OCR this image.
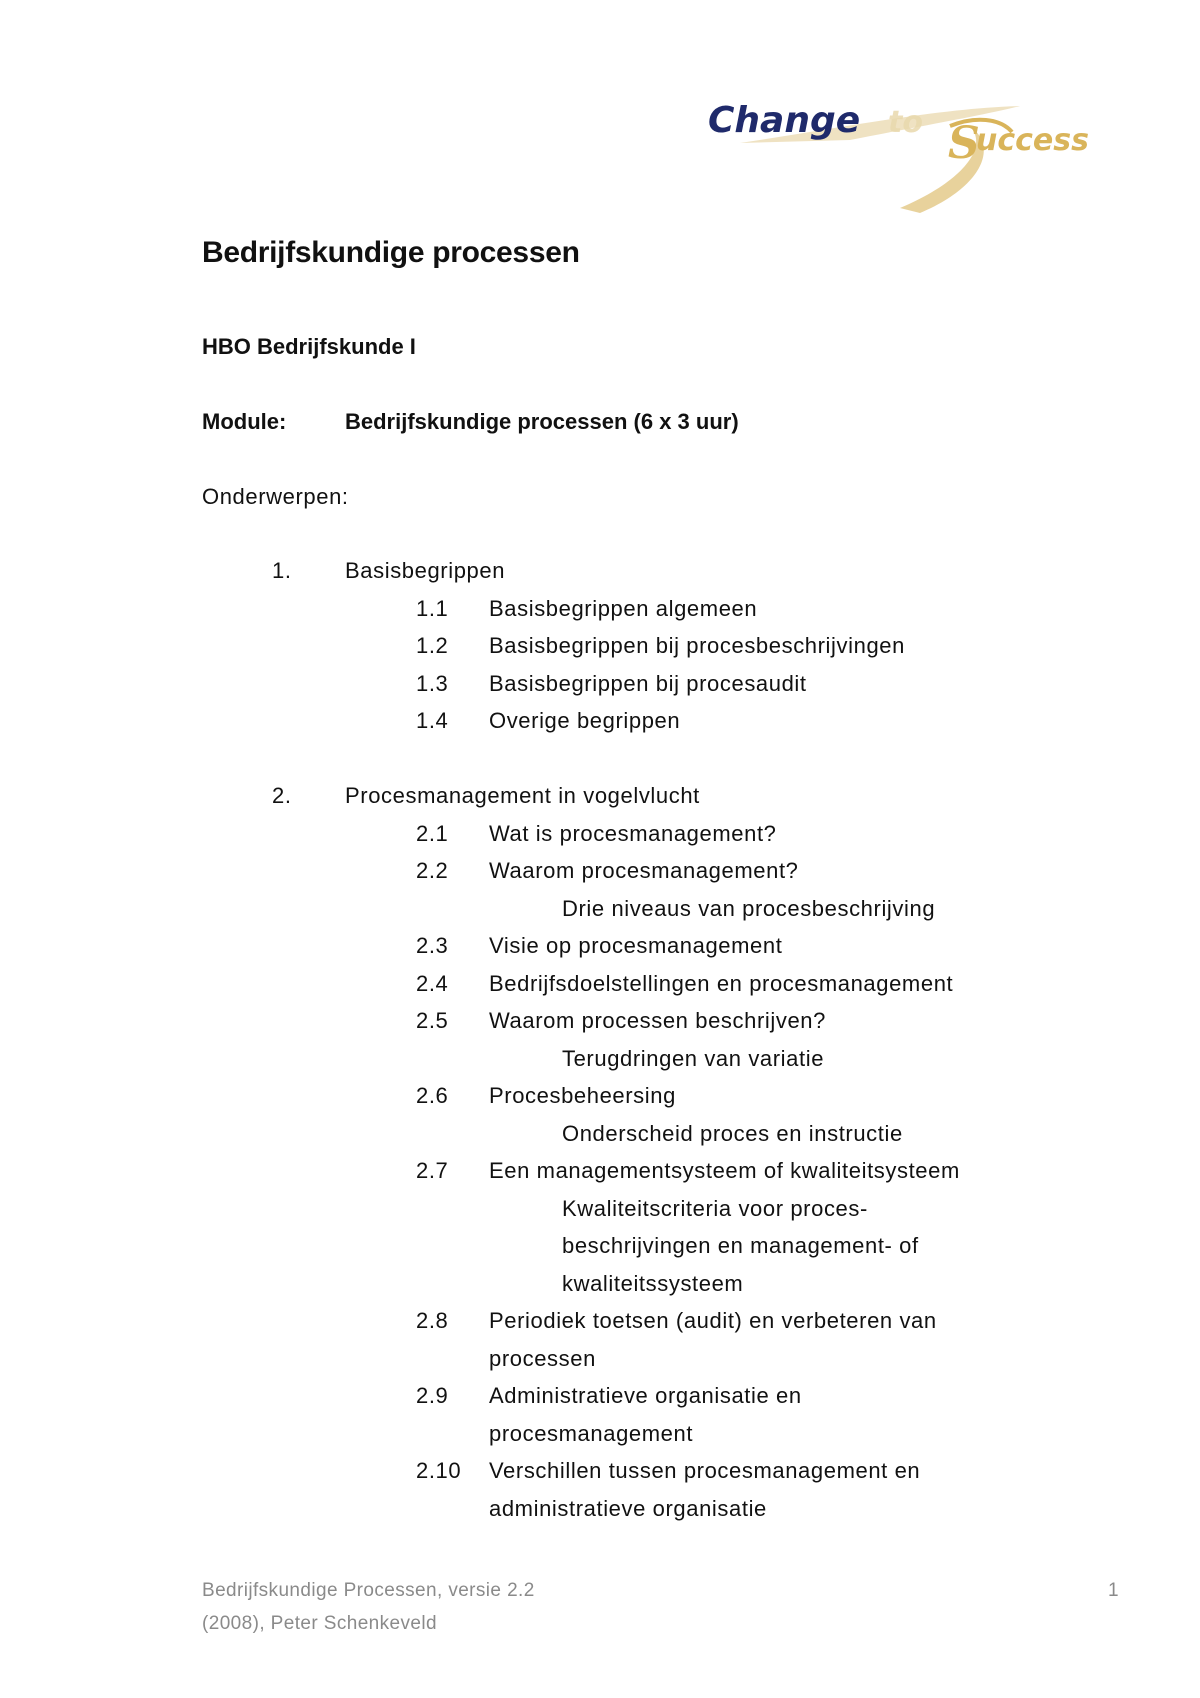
Change to S
uccess
Bedrijfskundige processen
HBO Bedrijfskunde I
Module:	Bedrijfskundige processen (6 x 3 uur)
Onderwerpen:
1. Basisbegrippen
1.1 Basisbegrippen algemeen
1.2 Basisbegrippen bij procesbeschrijvingen
1.3 Basisbegrippen bij procesaudit
1.4 Overige begrippen
2. Procesmanagement in vogelvlucht
2.1 Wat is procesmanagement?
2.2 Waarom procesmanagement?
Drie niveaus van procesbeschrijving
2.3 Visie op procesmanagement
2.4 Bedrijfsdoelstellingen en procesmanagement
2.5 Waarom processen beschrijven?
Terugdringen van variatie
2.6 Procesbeheersing
Onderscheid proces en instructie
2.7 Een managementsysteem of kwaliteitsysteem
Kwaliteitscriteria voor proces-
beschrijvingen en management- of
kwaliteitssysteem
2.8 Periodiek toetsen (audit) en verbeteren van
processen
2.9 Administratieve organisatie en
procesmanagement
2.10 Verschillen tussen procesmanagement en
administratieve organisatie
Bedrijfskundige Processen, versie 2.2
(2008), Peter Schenkeveld
1
